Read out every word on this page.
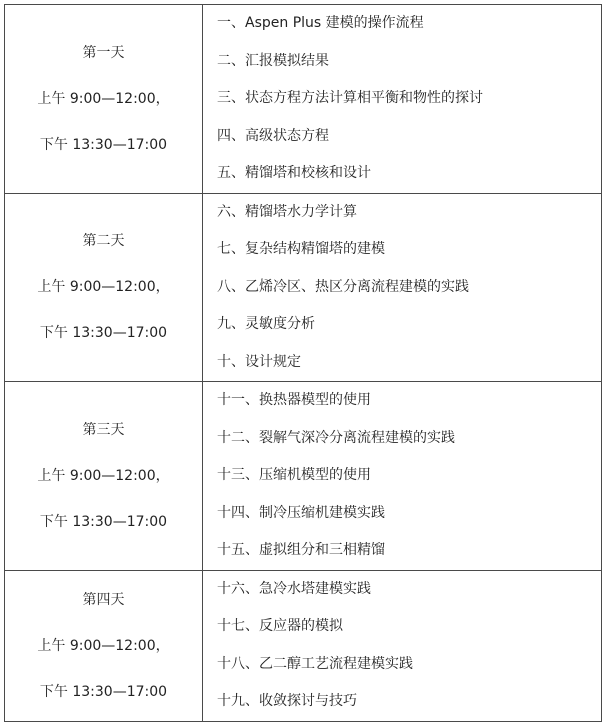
第一天
上午 9:00—12:00，
下午 13:30—17:00	一、Aspen Plus 建模的操作流程
二、汇报模拟结果
三、状态方程方法计算相平衡和物性的探讨
四、高级状态方程
五、精馏塔和校核和设计

第二天
上午 9:00—12:00，
下午 13:30—17:00	六、精馏塔水力学计算
七、复杂结构精馏塔的建模
八、乙烯冷区、热区分离流程建模的实践
九、灵敏度分析
十、设计规定

第三天
上午 9:00—12:00，
下午 13:30—17:00	十一、换热器模型的使用
十二、裂解气深冷分离流程建模的实践
十三、压缩机模型的使用
十四、制冷压缩机建模实践
十五、虚拟组分和三相精馏

第四天
上午 9:00—12:00，
下午 13:30—17:00	十六、急冷水塔建模实践
十七、反应器的模拟
十八、乙二醇工艺流程建模实践
十九、收敛探讨与技巧
